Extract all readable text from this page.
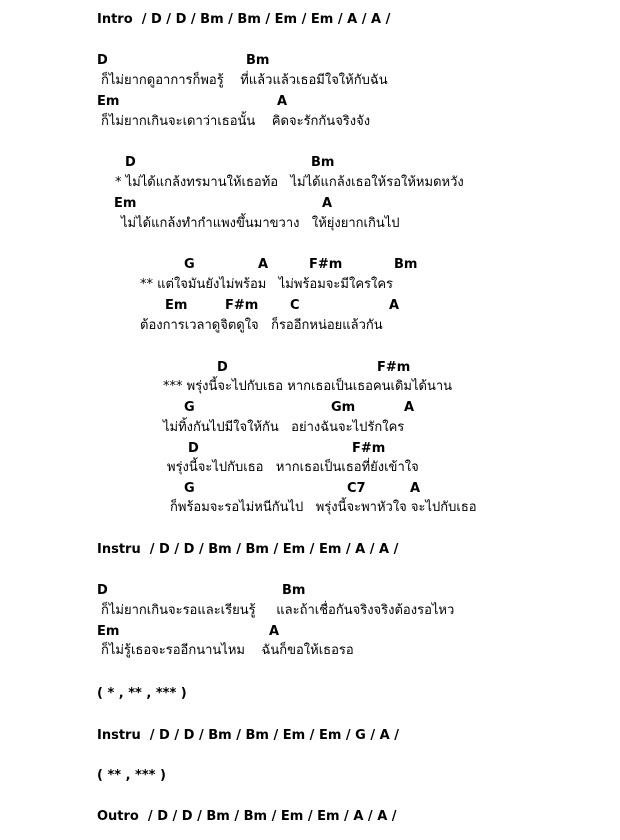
Intro  / D / D / Bm / Bm / Em / Em / A / A /
D	Bm
ก็ไม่ยากดูอาการก็พอรู้    ที่แล้วแล้วเธอมีใจให้กับฉัน
Em	A
ก็ไม่ยากเกินจะเดาว่าเธอนั้น    คิดจะรักกันจริงจัง
D	Bm
* ไม่ได้แกล้งทรมานให้เธอท้อ   ไม่ได้แกล้งเธอให้รอให้หมดหวัง
Em	A
ไม่ได้แกล้งทำกำแพงขึ้นมาขวาง   ให้ยุ่งยากเกินไป
G	A	F#m	Bm
** แต่ใจมันยังไม่พร้อม   ไม่พร้อมจะมีใครใคร
Em	F#m C	A
ต้องการเวลาดูจิตดูใจ   ก็รออีกหน่อยแล้วกัน
D	F#m
*** พรุ่งนี้จะไปกับเธอ หากเธอเป็นเธอคนเดิมได้นาน
G	Gm	A
ไม่ทิ้งกันไปมีใจให้กัน   อย่างฉันจะไปรักใคร
D	F#m
พรุ่งนี้จะไปกับเธอ   หากเธอเป็นเธอที่ยังเข้าใจ
G	C7	A
ก็พร้อมจะรอไม่หนีกันไป   พรุ่งนี้จะพาหัวใจ จะไปกับเธอ
Instru  / D / D / Bm / Bm / Em / Em / A / A /
D	Bm
ก็ไม่ยากเกินจะรอและเรียนรู้     และถ้าเชื่อกันจริงจริงต้องรอไหว
Em	A
ก็ไม่รู้เธอจะรออีกนานไหม    ฉันก็ขอให้เธอรอ
( * , ** , *** )
Instru  / D / D / Bm / Bm / Em / Em / G / A /
( ** , *** )
Outro  / D / D / Bm / Bm / Em / Em / A / A /
